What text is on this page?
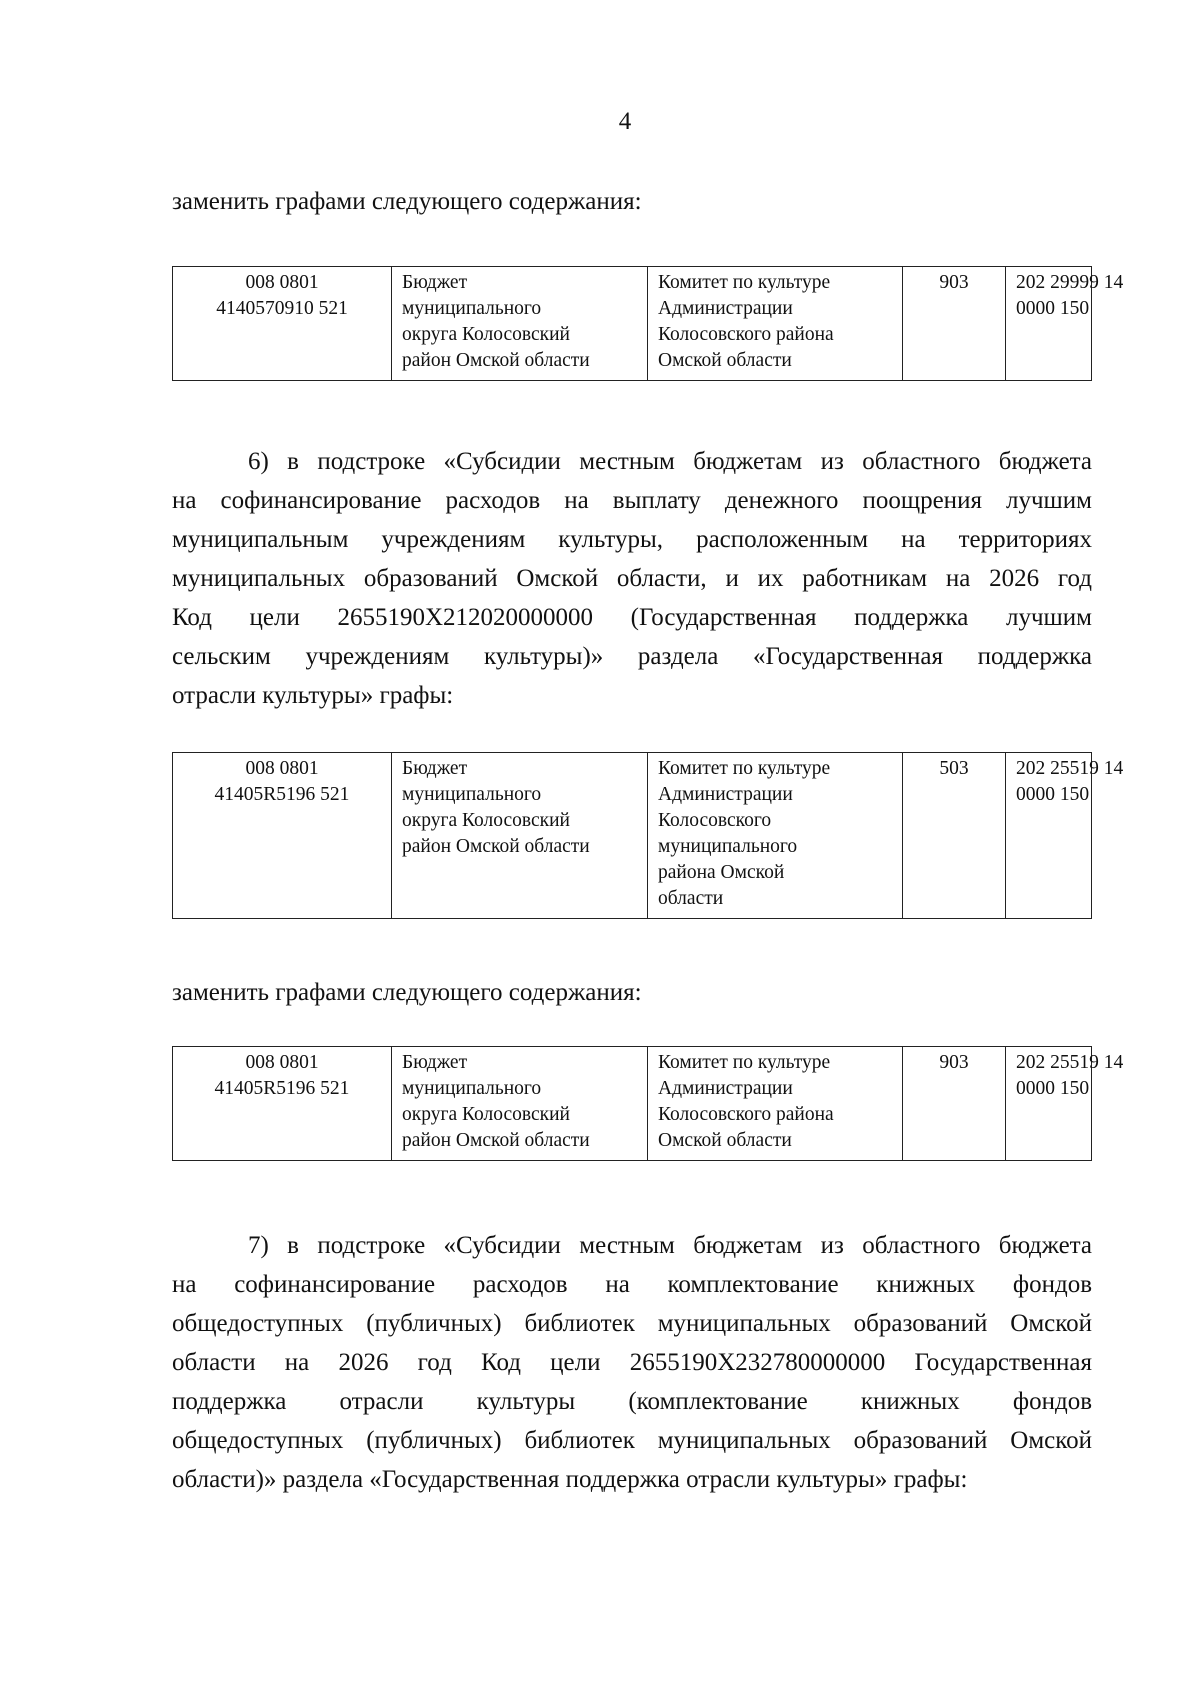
4
заменить графами следующего содержания:
008 0801
4140570910 521

Бюджет
муниципального
округа Колосовский
район Омской области

Комитет по культуре
Администрации
Колосовского района
Омской области

903	202 29999 14
0000 150
6) в подстроке «Субсидии местным бюджетам из областного бюджета
на софинансирование расходов на выплату денежного поощрения лучшим
муниципальным учреждениям культуры, расположенным на территориях
муниципальных образований Омской области, и их работникам на 2026 год
Код цели 2655190Х212020000000 (Государственная поддержка лучшим
сельским учреждениям культуры)» раздела «Государственная поддержка
отрасли культуры» графы:
008 0801
41405R5196 521

Бюджет
муниципального
округа Колосовский
район Омской области

Комитет по культуре
Администрации
Колосовского
муниципального
района Омской
области

503	202 25519 14
0000 150
заменить графами следующего содержания:
008 0801
41405R5196 521

Бюджет
муниципального
округа Колосовский
район Омской области

Комитет по культуре
Администрации
Колосовского района
Омской области

903	202 25519 14
0000 150
7) в подстроке «Субсидии местным бюджетам из областного бюджета
на софинансирование расходов на комплектование книжных фондов
общедоступных (публичных) библиотек муниципальных образований Омской
области на 2026 год Код цели 2655190Х232780000000 Государственная
поддержка отрасли культуры (комплектование книжных фондов
общедоступных (публичных) библиотек муниципальных образований Омской
области)» раздела «Государственная поддержка отрасли культуры» графы:
